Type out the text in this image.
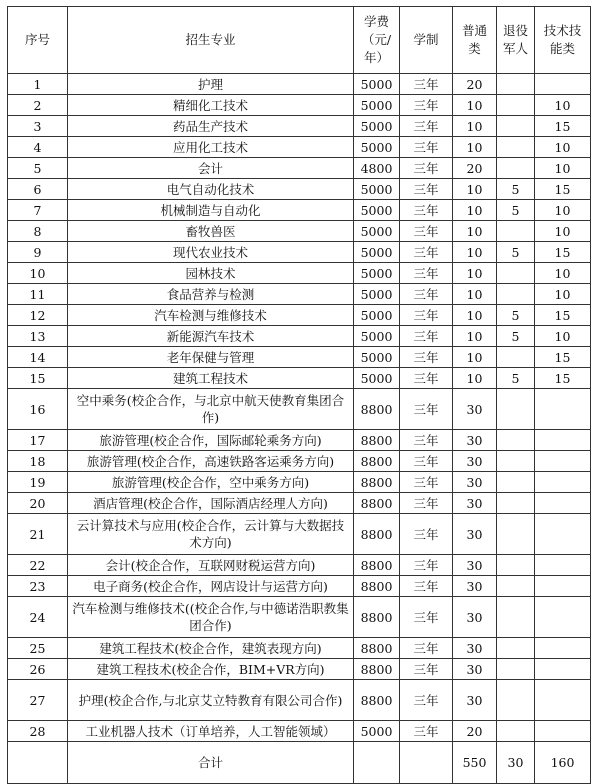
序号	招生专业	学费（元/年）	学制	普通类	退役军人	技术技能类
1	护理	5000	三年	20		
2	精细化工技术	5000	三年	10		10
3	药品生产技术	5000	三年	10		15
4	应用化工技术	5000	三年	10		10
5	会计	4800	三年	20		10
6	电气自动化技术	5000	三年	10	5	15
7	机械制造与自动化	5000	三年	10	5	10
8	畜牧兽医	5000	三年	10		10
9	现代农业技术	5000	三年	10	5	15
10	园林技术	5000	三年	10		10
11	食品营养与检测	5000	三年	10		10
12	汽车检测与维修技术	5000	三年	10	5	15
13	新能源汽车技术	5000	三年	10	5	10
14	老年保健与管理	5000	三年	10		15
15	建筑工程技术	5000	三年	10	5	15
16	空中乘务(校企合作，与北京中航天使教育集团合作)	8800	三年	30		
17	旅游管理(校企合作，国际邮轮乘务方向)	8800	三年	30		
18	旅游管理(校企合作，高速铁路客运乘务方向)	8800	三年	30		
19	旅游管理(校企合作，空中乘务方向)	8800	三年	30		
20	酒店管理(校企合作，国际酒店经理人方向)	8800	三年	30		
21	云计算技术与应用(校企合作，云计算与大数据技术方向)	8800	三年	30		
22	会计(校企合作，互联网财税运营方向)	8800	三年	30		
23	电子商务(校企合作，网店设计与运营方向)	8800	三年	30		
24	汽车检测与维修技术((校企合作,与中德诺浩职教集团合作)	8800	三年	30		
25	建筑工程技术(校企合作，建筑表现方向)	8800	三年	30		
26	建筑工程技术(校企合作，BIM+VR方向)	8800	三年	30		
27	护理(校企合作,与北京艾立特教育有限公司合作)	8800	三年	30		
28	工业机器人技术（订单培养，人工智能领域）	5000	三年	20		
	合计			550	30	160
